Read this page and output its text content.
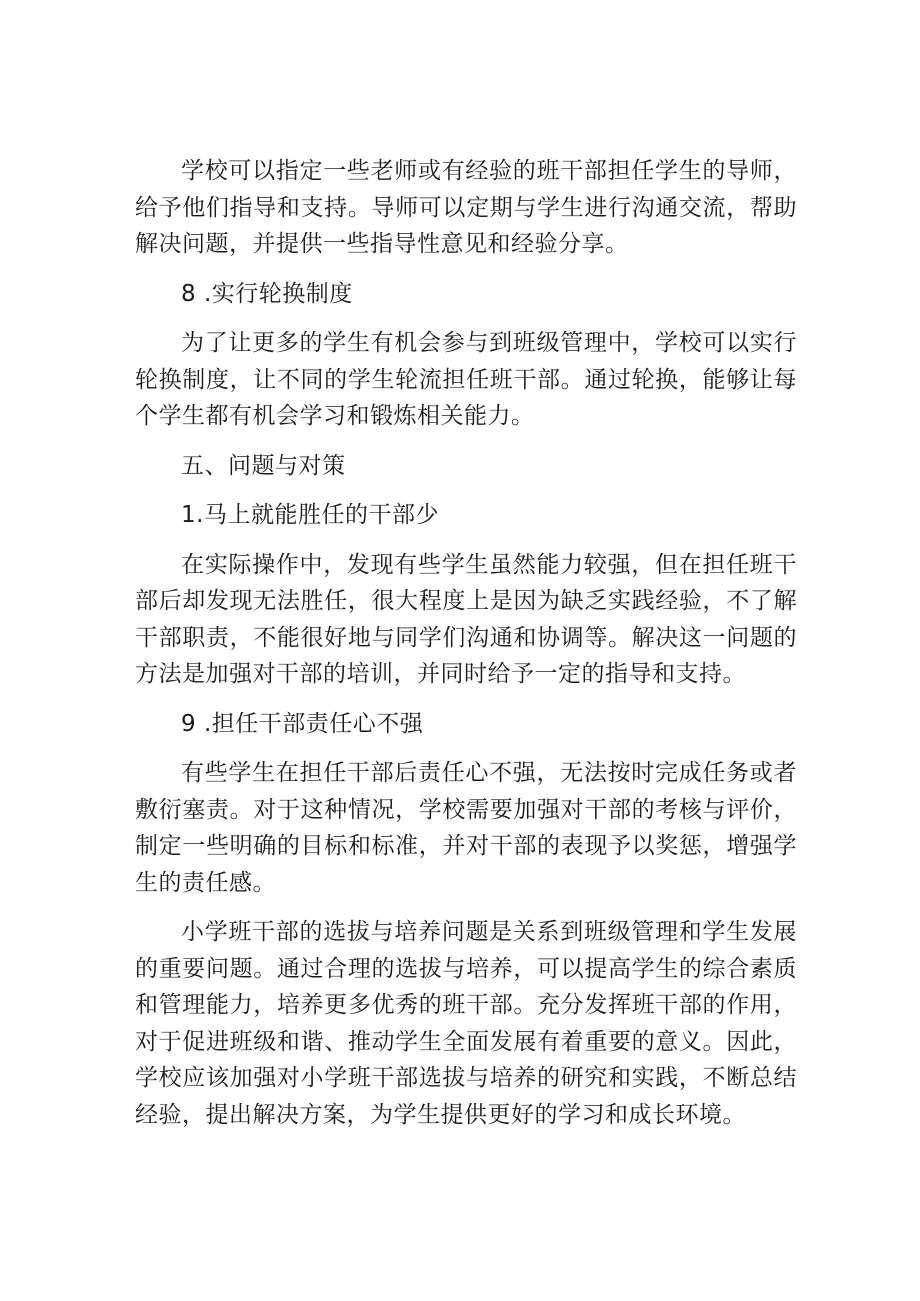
学校可以指定一些老师或有经验的班干部担任学生的导师，给予他们指导和支持。导师可以定期与学生进行沟通交流，帮助解决问题，并提供一些指导性意见和经验分享。

8 .实行轮换制度

为了让更多的学生有机会参与到班级管理中，学校可以实行轮换制度，让不同的学生轮流担任班干部。通过轮换，能够让每个学生都有机会学习和锻炼相关能力。

五、问题与对策

1.马上就能胜任的干部少

在实际操作中，发现有些学生虽然能力较强，但在担任班干部后却发现无法胜任，很大程度上是因为缺乏实践经验，不了解干部职责，不能很好地与同学们沟通和协调等。解决这一问题的方法是加强对干部的培训，并同时给予一定的指导和支持。

9 .担任干部责任心不强

有些学生在担任干部后责任心不强，无法按时完成任务或者敷衍塞责。对于这种情况，学校需要加强对干部的考核与评价，制定一些明确的目标和标准，并对干部的表现予以奖惩，增强学生的责任感。

小学班干部的选拔与培养问题是关系到班级管理和学生发展的重要问题。通过合理的选拔与培养，可以提高学生的综合素质和管理能力，培养更多优秀的班干部。充分发挥班干部的作用，对于促进班级和谐、推动学生全面发展有着重要的意义。因此，学校应该加强对小学班干部选拔与培养的研究和实践，不断总结经验，提出解决方案，为学生提供更好的学习和成长环境。
